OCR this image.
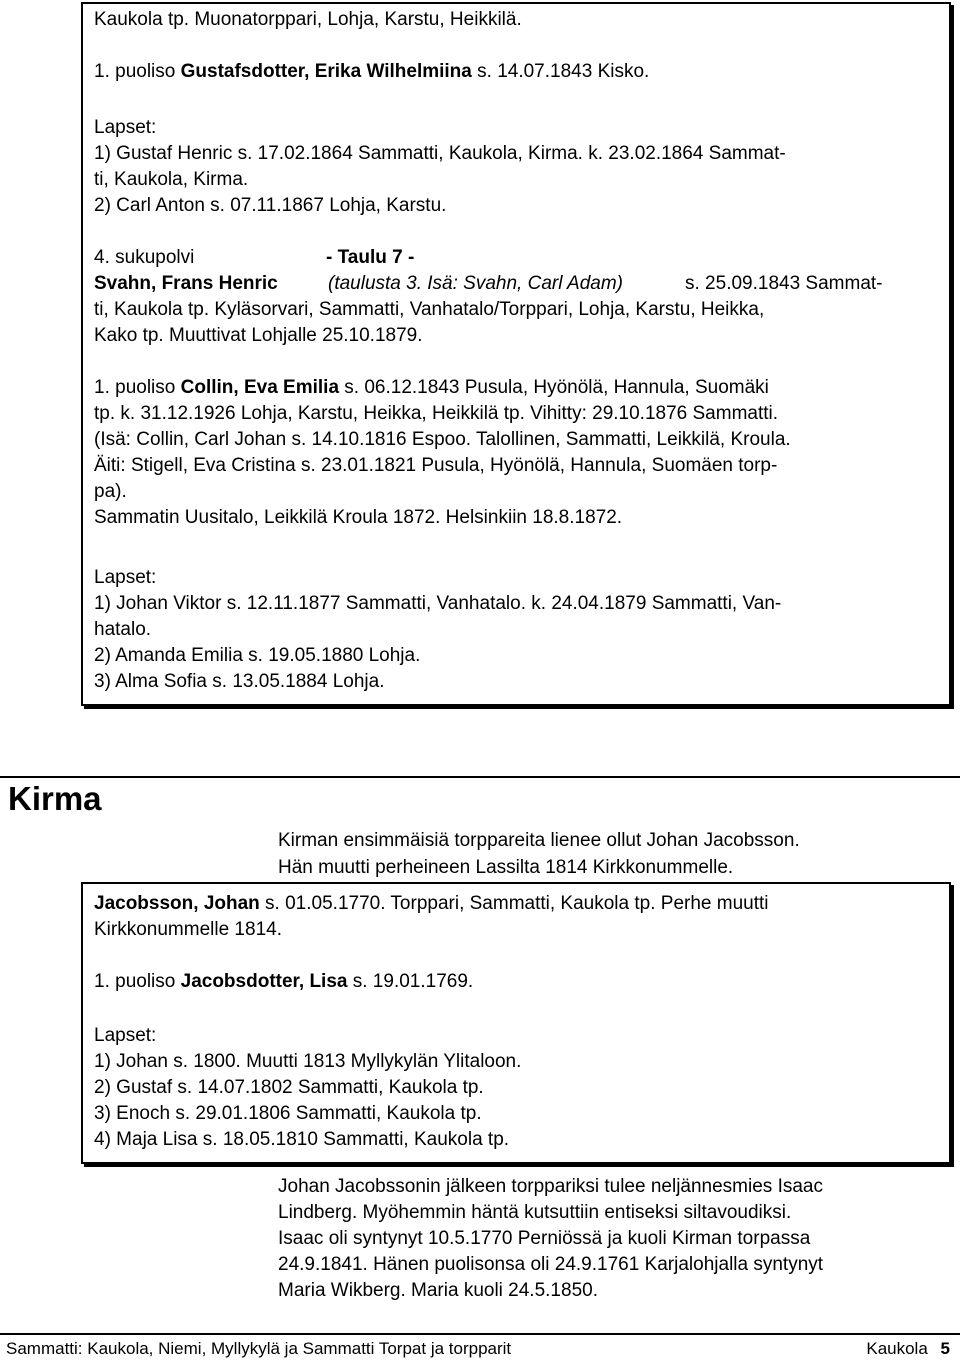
Kaukola tp. Muonatorppari, Lohja, Karstu, Heikkilä.
1. puoliso Gustafsdotter, Erika Wilhelmiina s. 14.07.1843 Kisko.
Lapset:
1) Gustaf Henric s. 17.02.1864 Sammatti, Kaukola, Kirma. k. 23.02.1864 Sammat-
ti, Kaukola, Kirma.
2) Carl Anton s. 07.11.1867 Lohja, Karstu.
4. sukupolvi	- Taulu 7 -
Svahn, Frans Henric	(taulusta 3. Isä: Svahn, Carl Adam)	s. 25.09.1843 Sammat-
ti, Kaukola tp. Kyläsorvari, Sammatti, Vanhatalo/Torppari, Lohja, Karstu, Heikka,
Kako tp. Muuttivat Lohjalle 25.10.1879.
1. puoliso Collin, Eva Emilia s. 06.12.1843 Pusula, Hyönölä, Hannula, Suomäki
tp. k. 31.12.1926 Lohja, Karstu, Heikka, Heikkilä tp. Vihitty: 29.10.1876 Sammatti.
(Isä: Collin, Carl Johan s. 14.10.1816 Espoo. Talollinen, Sammatti, Leikkilä, Kroula.
Äiti: Stigell, Eva Cristina s. 23.01.1821 Pusula, Hyönölä, Hannula, Suomäen torp-
pa).
Sammatin Uusitalo, Leikkilä Kroula 1872. Helsinkiin 18.8.1872.
Lapset:
1) Johan Viktor s. 12.11.1877 Sammatti, Vanhatalo. k. 24.04.1879 Sammatti, Van-
hatalo.
2) Amanda Emilia s. 19.05.1880 Lohja.
3) Alma Sofia s. 13.05.1884 Lohja.
Kirma
Kirman ensimmäisiä torppareita lienee ollut Johan Jacobsson.
Hän muutti perheineen Lassilta 1814 Kirkkonummelle.
Jacobsson, Johan s. 01.05.1770. Torppari, Sammatti, Kaukola tp. Perhe muutti
Kirkkonummelle 1814.
1. puoliso Jacobsdotter, Lisa s. 19.01.1769.
Lapset:
1) Johan s. 1800. Muutti 1813 Myllykylän Ylitaloon.
2) Gustaf s. 14.07.1802 Sammatti, Kaukola tp.
3) Enoch s. 29.01.1806 Sammatti, Kaukola tp.
4) Maja Lisa s. 18.05.1810 Sammatti, Kaukola tp.
Johan Jacobssonin jälkeen torppariksi tulee neljännesmies Isaac
Lindberg. Myöhemmin häntä kutsuttiin entiseksi siltavoudiksi.
Isaac oli syntynyt 10.5.1770 Perniössä ja kuoli Kirman torpassa
24.9.1841. Hänen puolisonsa oli 24.9.1761 Karjalohjalla syntynyt
Maria Wikberg. Maria kuoli 24.5.1850.
Sammatti: Kaukola, Niemi, Myllykylä ja Sammatti Torpat ja torpparit	Kaukola 5
